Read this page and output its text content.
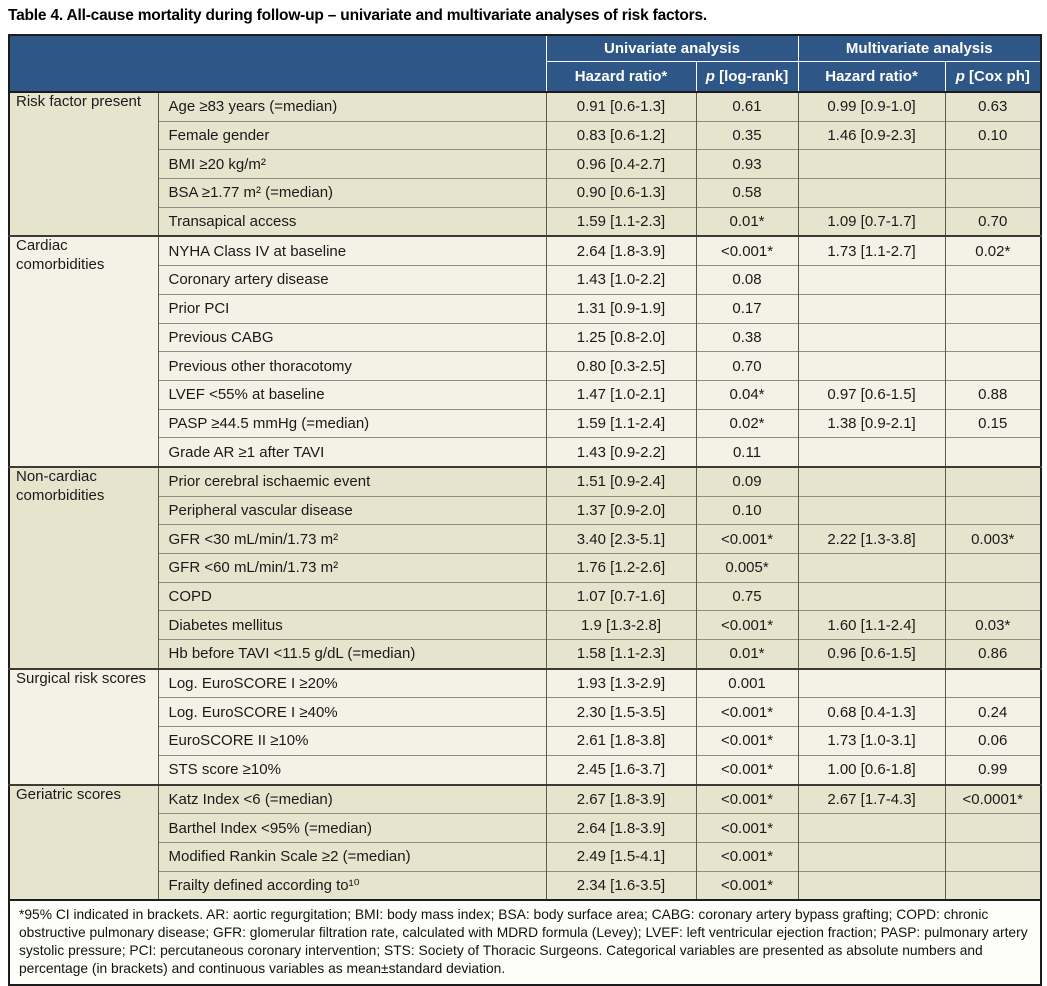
Table 4. All-cause mortality during follow-up – univariate and multivariate analyses of risk factors.
		Univariate analysis		Multivariate analysis	
		Hazard ratio*	p [log-rank]	Hazard ratio*	p [Cox ph]
Risk factor present	Age ≥83 years (=median)	0.91 [0.6-1.3]	0.61	0.99 [0.9-1.0]	0.63
	Female gender	0.83 [0.6-1.2]	0.35	1.46 [0.9-2.3]	0.10
	BMI ≥20 kg/m²	0.96 [0.4-2.7]	0.93		
	BSA ≥1.77 m² (=median)	0.90 [0.6-1.3]	0.58		
	Transapical access	1.59 [1.1-2.3]	0.01*	1.09 [0.7-1.7]	0.70
Cardiac comorbidities	NYHA Class IV at baseline	2.64 [1.8-3.9]	<0.001*	1.73 [1.1-2.7]	0.02*
	Coronary artery disease	1.43 [1.0-2.2]	0.08		
	Prior PCI	1.31 [0.9-1.9]	0.17		
	Previous CABG	1.25 [0.8-2.0]	0.38		
	Previous other thoracotomy	0.80 [0.3-2.5]	0.70		
	LVEF <55% at baseline	1.47 [1.0-2.1]	0.04*	0.97 [0.6-1.5]	0.88
	PASP ≥44.5 mmHg (=median)	1.59 [1.1-2.4]	0.02*	1.38 [0.9-2.1]	0.15
	Grade AR ≥1 after TAVI	1.43 [0.9-2.2]	0.11		
Non-cardiac comorbidities	Prior cerebral ischaemic event	1.51 [0.9-2.4]	0.09		
	Peripheral vascular disease	1.37 [0.9-2.0]	0.10		
	GFR <30 mL/min/1.73 m²	3.40 [2.3-5.1]	<0.001*	2.22 [1.3-3.8]	0.003*
	GFR <60 mL/min/1.73 m²	1.76 [1.2-2.6]	0.005*		
	COPD	1.07 [0.7-1.6]	0.75		
	Diabetes mellitus	1.9 [1.3-2.8]	<0.001*	1.60 [1.1-2.4]	0.03*
	Hb before TAVI <11.5 g/dL (=median)	1.58 [1.1-2.3]	0.01*	0.96 [0.6-1.5]	0.86
Surgical risk scores	Log. EuroSCORE I ≥20%	1.93 [1.3-2.9]	0.001		
	Log. EuroSCORE I ≥40%	2.30 [1.5-3.5]	<0.001*	0.68 [0.4-1.3]	0.24
	EuroSCORE II ≥10%	2.61 [1.8-3.8]	<0.001*	1.73 [1.0-3.1]	0.06
	STS score ≥10%	2.45 [1.6-3.7]	<0.001*	1.00 [0.6-1.8]	0.99
Geriatric scores	Katz Index <6 (=median)	2.67 [1.8-3.9]	<0.001*	2.67 [1.7-4.3]	<0.0001*
	Barthel Index <95% (=median)	2.64 [1.8-3.9]	<0.001*		
	Modified Rankin Scale ≥2 (=median)	2.49 [1.5-4.1]	<0.001*		
	Frailty defined according to¹⁰	2.34 [1.6-3.5]	<0.001*		
*95% CI indicated in brackets. AR: aortic regurgitation; BMI: body mass index; BSA: body surface area; CABG: coronary artery bypass grafting; COPD: chronic obstructive pulmonary disease; GFR: glomerular filtration rate, calculated with MDRD formula (Levey); LVEF: left ventricular ejection fraction; PASP: pulmonary artery systolic pressure; PCI: percutaneous coronary intervention; STS: Society of Thoracic Surgeons. Categorical variables are presented as absolute numbers and percentage (in brackets) and continuous variables as mean±standard deviation.					
